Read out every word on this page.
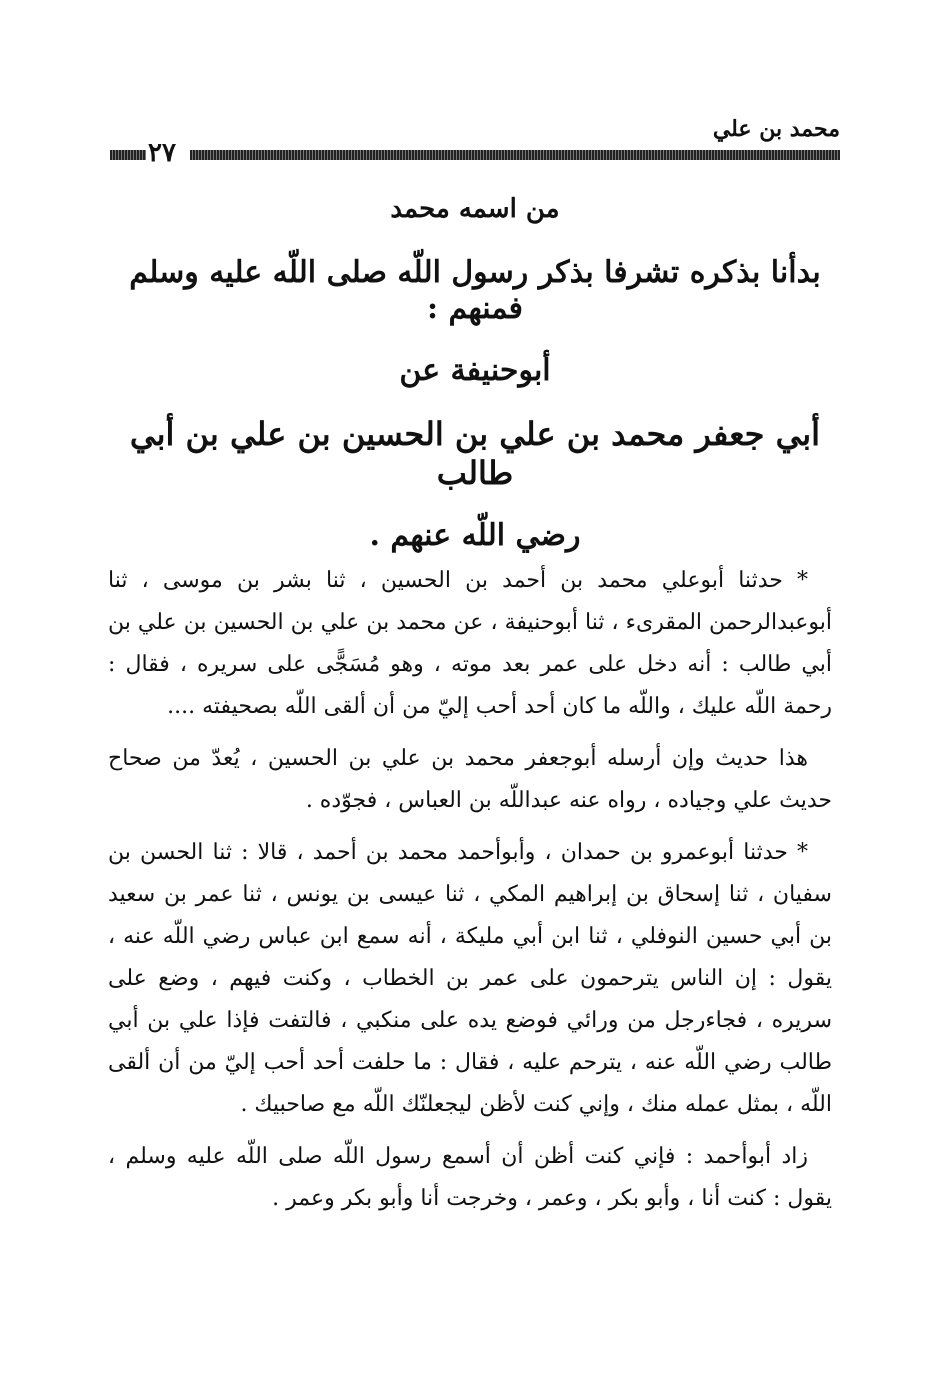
محمد بن علي
٢٧
من اسمه محمد
بدأنا بذكره تشرفا بذكر رسول اللّه صلى اللّه عليه وسلم فمنهم :
أبوحنيفة عن
أبي جعفر محمد بن علي بن الحسين بن علي بن أبي طالب
رضي اللّه عنهم .

* حدثنا أبوعلي محمد بن أحمد بن الحسين ، ثنا بشر بن موسى ، ثنا أبوعبدالرحمن المقرىء ، ثنا أبوحنيفة ، عن محمد بن علي بن الحسين بن علي بن أبي طالب : أنه دخل على عمر بعد موته ، وهو مُسَجًّى على سريره ، فقال : رحمة اللّه عليك ، واللّه ما كان أحد أحب إليّ من أن ألقى اللّه بصحيفته ....

هذا حديث وإن أرسله أبوجعفر محمد بن علي بن الحسين ، يُعدّ من صحاح حديث علي وجياده ، رواه عنه عبداللّه بن العباس ، فجوّده .

* حدثنا أبوعمرو بن حمدان ، وأبوأحمد محمد بن أحمد ، قالا : ثنا الحسن بن سفيان ، ثنا إسحاق بن إبراهيم المكي ، ثنا عيسى بن يونس ، ثنا عمر بن سعيد بن أبي حسين النوفلي ، ثنا ابن أبي مليكة ، أنه سمع ابن عباس رضي اللّه عنه ، يقول : إن الناس يترحمون على عمر بن الخطاب ، وكنت فيهم ، وضع على سريره ، فجاءرجل من ورائي فوضع يده على منكبي ، فالتفت فإذا علي بن أبي طالب رضي اللّه عنه ، يترحم عليه ، فقال : ما حلفت أحد أحب إليّ من أن ألقى اللّه ، بمثل عمله منك ، وإني كنت لأظن ليجعلنّك اللّه مع صاحبيك .

زاد أبوأحمد : فإني كنت أظن أن أسمع رسول اللّه صلى اللّه عليه وسلم ، يقول : كنت أنا ، وأبو بكر ، وعمر ، وخرجت أنا وأبو بكر وعمر .
